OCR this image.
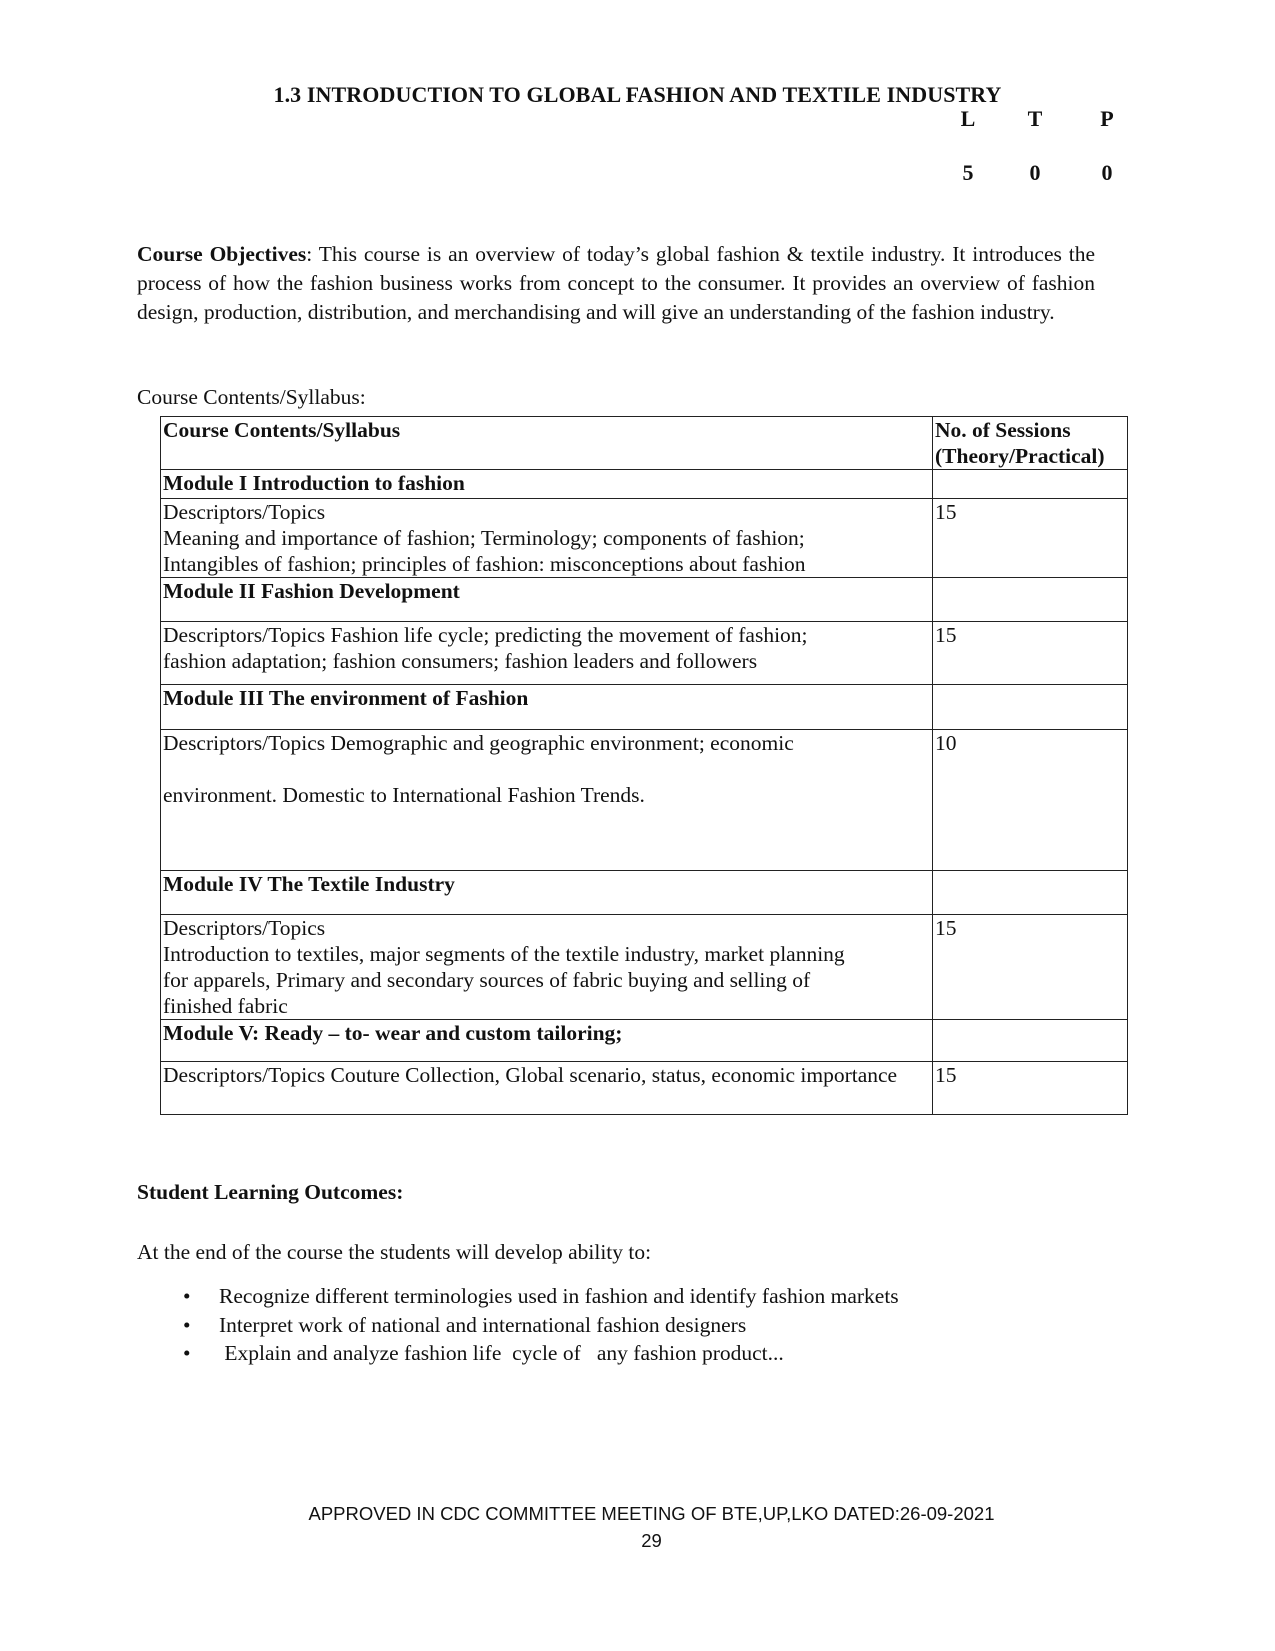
1.3 INTRODUCTION TO GLOBAL FASHION AND TEXTILE INDUSTRY
L	T	P
5	0	0
Course Objectives: This course is an overview of today’s global fashion & textile industry. It introduces the process of how the fashion business works from concept to the consumer. It provides an overview of fashion design, production, distribution, and merchandising and will give an understanding of the fashion industry.
Course Contents/Syllabus:
Course Contents/Syllabus	No. of Sessions (Theory/Practical)
Module I Introduction to fashion	

Descriptors/Topics
Meaning and importance of fashion; Terminology; components of fashion;
Intangibles of fashion; principles of fashion: misconceptions about fashion	15
Module II Fashion Development	

Descriptors/Topics Fashion life cycle; predicting the movement of fashion;
fashion adaptation; fashion consumers; fashion leaders and followers	15
Module III The environment of Fashion	

Descriptors/Topics Demographic and geographic environment; economic
environment. Domestic to International Fashion Trends.	10
Module IV The Textile Industry	

Descriptors/Topics
Introduction to textiles, major segments of the textile industry, market planning
for apparels, Primary and secondary sources of fabric buying and selling of
finished fabric	15
Module V: Ready – to- wear and custom tailoring;	

Descriptors/Topics Couture Collection, Global scenario, status, economic importance	15
Student Learning Outcomes:
At the end of the course the students will develop ability to:
• Recognize different terminologies used in fashion and identify fashion markets
• Interpret work of national and international fashion designers
• Explain and analyze fashion life  cycle of   any fashion product...
APPROVED IN CDC COMMITTEE MEETING OF BTE,UP,LKO DATED:26-09-2021
29
